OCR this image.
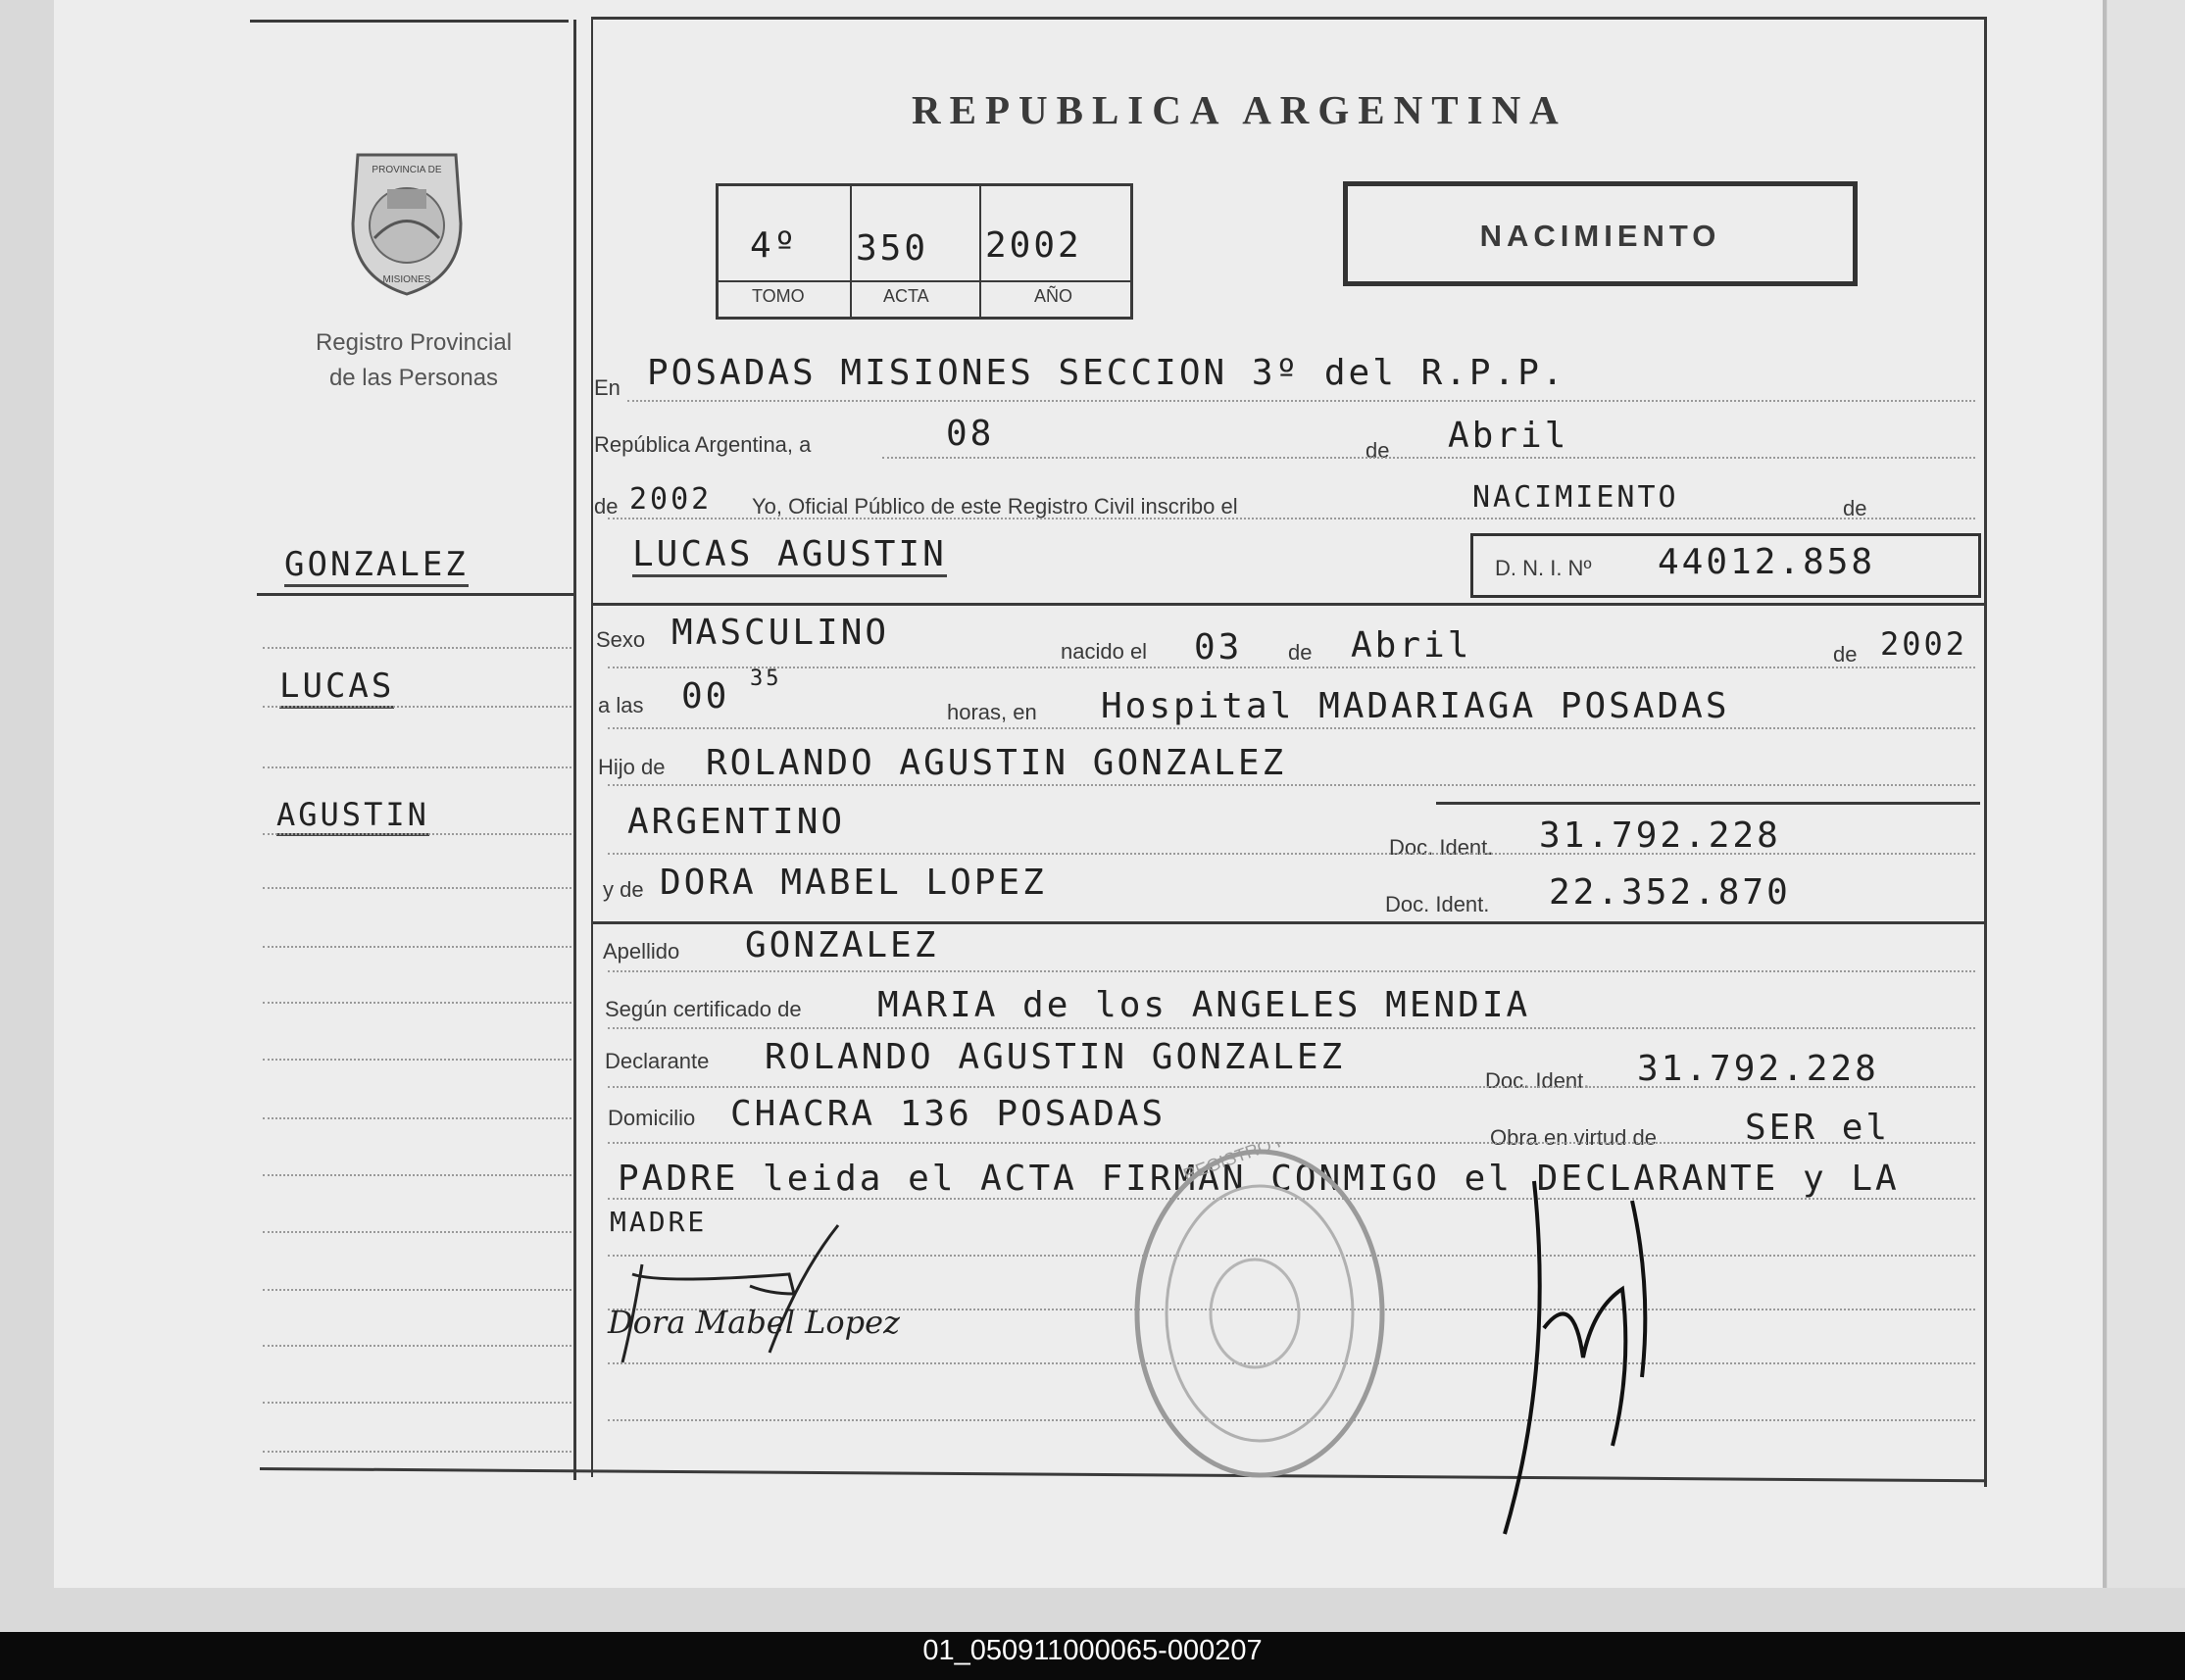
REPUBLICA ARGENTINA
4º 350 2002
TOMO	ACTA	AÑO
NACIMIENTO
PROVINCIA DE
MISIONES
Registro Provincial
de las Personas
GONZALEZ
LUCAS
AGUSTIN
En POSADAS MISIONES SECCION 3º del R.P.P.
República Argentina, a	08	de Abril
2002
de	Yo, Oficial Público de este Registro Civil inscribo el	NACIMIENTO	de
LUCAS AGUSTIN	D. N. I. Nº 44012.858
Sexo MASCULINO	nacido el 03 de Abril	de 2002
a las 00 35
horas, en Hospital MADARIAGA POSADAS
Hijo de ROLANDO AGUSTIN GONZALEZ
ARGENTINO
Doc. Ident. 31.792.228
y de DORA MABEL LOPEZ
Doc. Ident. 22.352.870
Apellido GONZALEZ
Según certificado de MARIA de los ANGELES MENDIA
Declarante ROLANDO AGUSTIN GONZALEZ
Doc. Ident. 31.792.228
Domicilio CHACRA 136 POSADAS
Obra en virtud de	SER el
PADRE leida el ACTA FIRMAN CONMIGO el DECLARANTE y LA
MADRE
Dora Mabel Lopez
01_050911000065-000207
